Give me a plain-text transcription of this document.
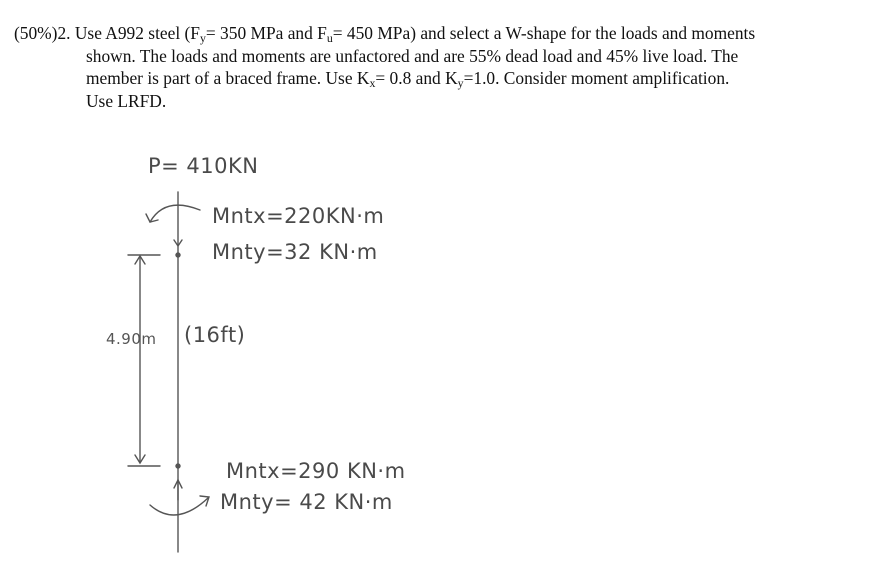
(50%)2. Use A992 steel ($F_y= 350$ MPa and $F_u= 450$ MPa) and select a W-shape for the loads and moments
shown. The loads and moments are unfactored and are 55% dead load and 45% live load. The
member is part of a braced frame. Use $K_x= 0.8$ and $K_y=1.0$. Consider moment amplification.
Use LRFD.
P= 410KN
Mntx=220KN·m
Mnty=32 KN·m
4.90m (16ft)
Mntx=290 KN·m
Mnty= 42 KN·m
